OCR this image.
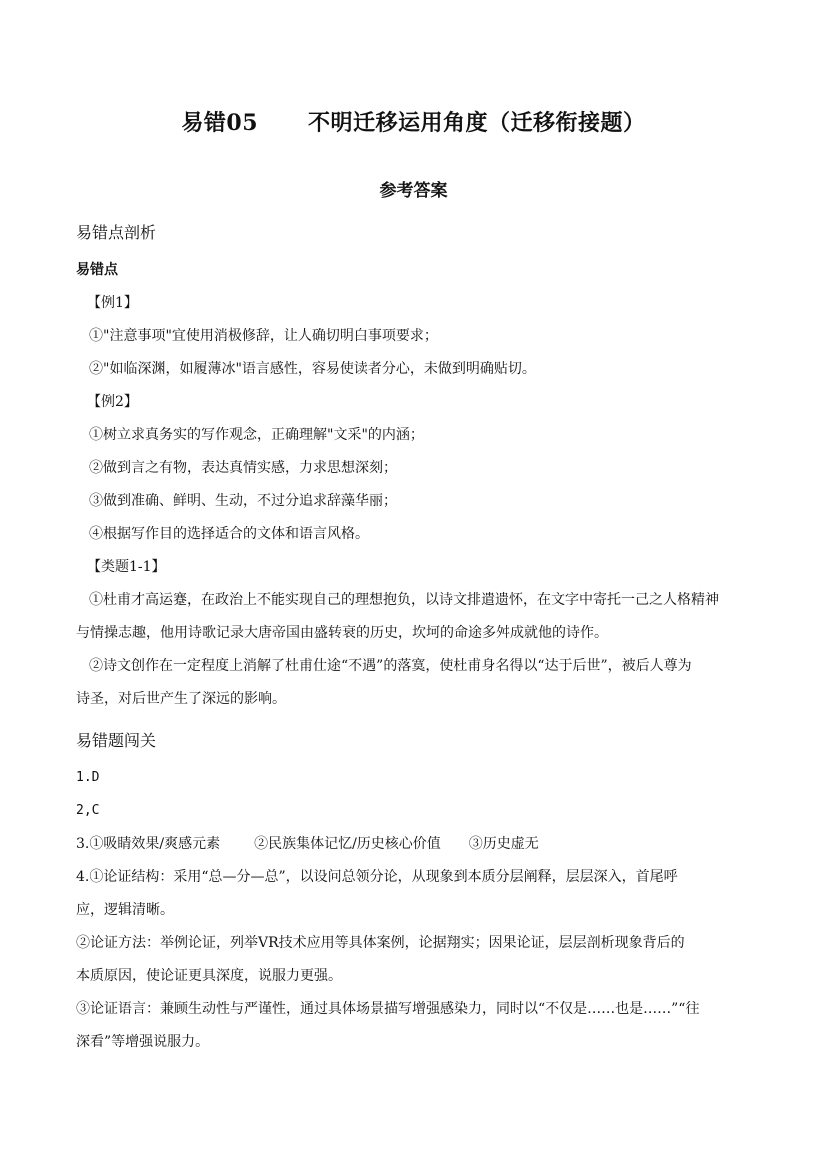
易错05 不明迁移运用角度（迁移衔接题）
参考答案
易错点剖析
易错点
【例1】
①"注意事项"宜使用消极修辞，让人确切明白事项要求；
②"如临深渊，如履薄冰"语言感性，容易使读者分心，未做到明确贴切。
【例2】
①树立求真务实的写作观念，正确理解"文采"的内涵；
②做到言之有物，表达真情实感，力求思想深刻；
③做到准确、鲜明、生动，不过分追求辞藻华丽；
④根据写作目的选择适合的文体和语言风格。
【类题1-1】
①杜甫才高运蹇，在政治上不能实现自己的理想抱负，以诗文排遣遗怀，在文字中寄托一己之人格精神
与情操志趣，他用诗歌记录大唐帝国由盛转衰的历史，坎坷的命途多舛成就他的诗作。
②诗文创作在一定程度上消解了杜甫仕途“不遇”的落寞，使杜甫身名得以“达于后世”，被后人尊为
诗圣，对后世产生了深远的影响。
易错题闯关
1.D
2,C
3.①吸睛效果/爽感元素 ②民族集体记忆/历史核心价值 ③历史虚无
4.①论证结构：采用“总—分—总”，以设问总领分论，从现象到本质分层阐释，层层深入，首尾呼
应，逻辑清晰。
②论证方法：举例论证，列举VR技术应用等具体案例，论据翔实；因果论证，层层剖析现象背后的
本质原因，使论证更具深度，说服力更强。
③论证语言：兼顾生动性与严谨性，通过具体场景描写增强感染力，同时以“不仅是……也是……”“往
深看”等增强说服力。
